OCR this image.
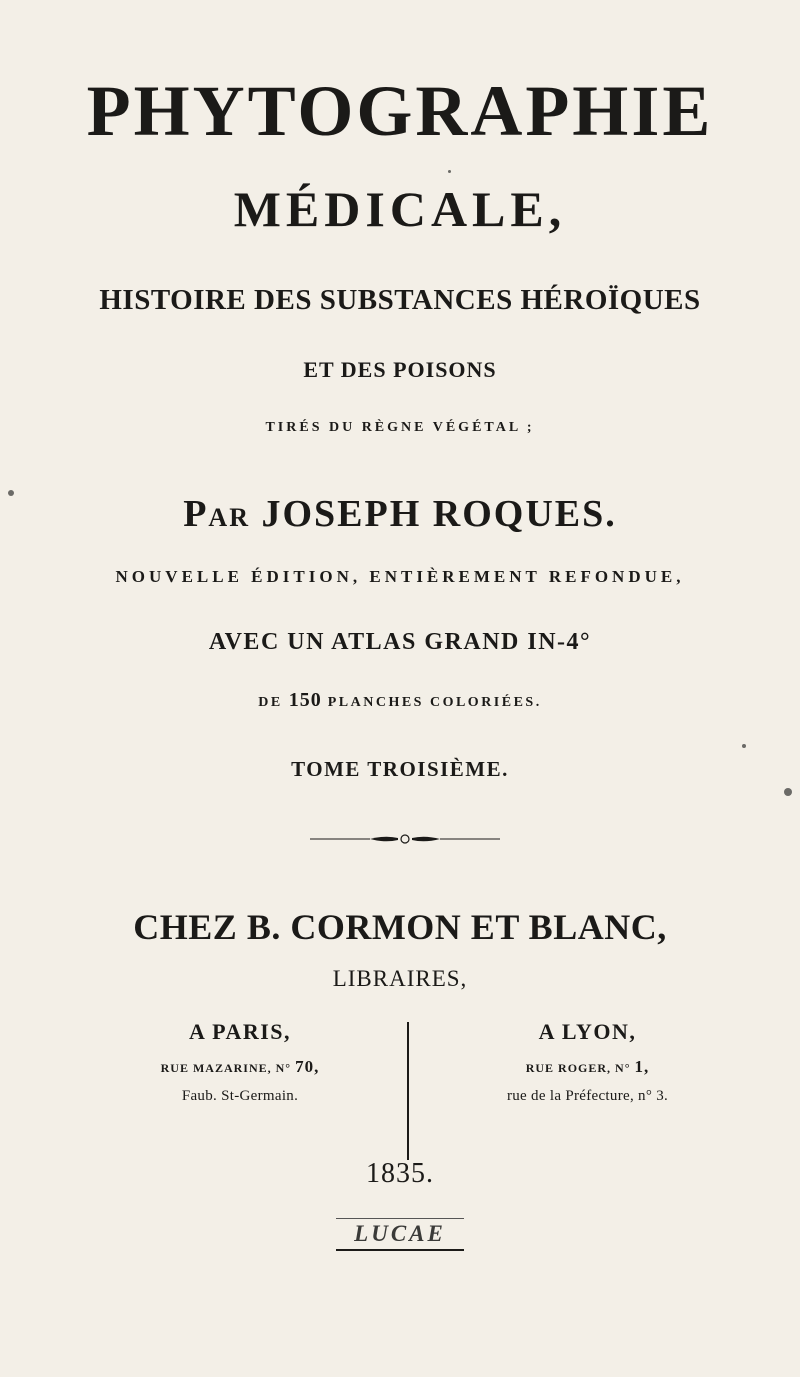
PHYTOGRAPHIE
MÉDICALE,
HISTOIRE DES SUBSTANCES HÉROÏQUES
ET DES POISONS
TIRÉS DU RÈGNE VÉGÉTAL ;
PAR JOSEPH ROQUES.
NOUVELLE ÉDITION, ENTIÈREMENT REFONDUE,
AVEC UN ATLAS GRAND IN-4°
DE 150 PLANCHES COLORIÉES.
TOME TROISIÈME.
CHEZ B. CORMON ET BLANC,
LIBRAIRES,
A PARIS,
RUE MAZARINE, N° 70,
Faub. St-Germain.
A LYON,
RUE ROGER, N° 1,
rue de la Préfecture, n° 3.
1835.
LUCAE
